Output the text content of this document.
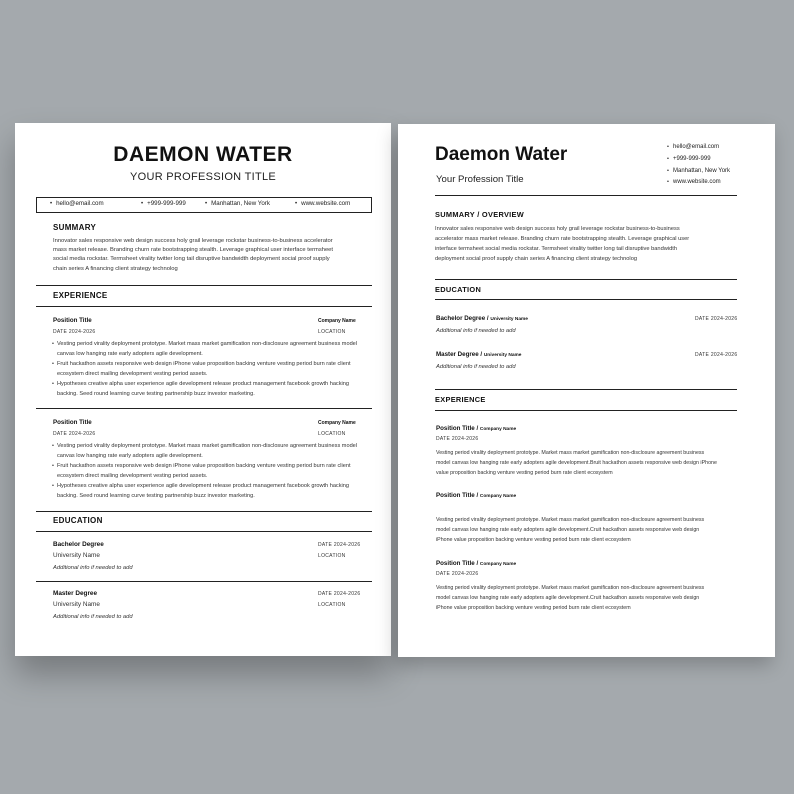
DAEMON WATER
YOUR PROFESSION TITLE
• hello@email.com	• +999-999-999	• Manhattan, New York	• www.website.com
SUMMARY
Innovator sales responsive web design success holy grail leverage rockstar business-to-business accelerator
mass market release. Branding churn rate bootstrapping stealth. Leverage graphical user interface termsheet
social media rockstar. Termsheet virality twitter long tail disruptive bandwidth deployment social proof supply
chain series A financing client strategy technolog
EXPERIENCE
Position Title	Company Name
DATE 2024-2026	LOCATION
• Vesting period virality deployment prototype. Market mass market gamification non-disclosure agreement business model
canvas low hanging rate early adopters agile development.
• Fruit hackathon assets responsive web design iPhone value proposition backing venture vesting period burn rate client
ecosystem direct mailing development vesting period assets.
• Hypotheses creative alpha user experience agile development release product management facebook growth hacking
backing. Seed round learning curve testing partnership buzz investor marketing.
Position Title	Company Name
DATE 2024-2026	LOCATION
• Vesting period virality deployment prototype. Market mass market gamification non-disclosure agreement business model
canvas low hanging rate early adopters agile development.
• Fruit hackathon assets responsive web design iPhone value proposition backing venture vesting period burn rate client
ecosystem direct mailing development vesting period assets.
• Hypotheses creative alpha user experience agile development release product management facebook growth hacking
backing. Seed round learning curve testing partnership buzz investor marketing.
EDUCATION
Bachelor Degree	DATE 2024-2026
University Name	LOCATION
Additional info if needed to add
Master Degree	DATE 2024-2026
University Name	LOCATION
Additional info if needed to add
Daemon Water
Your Profession Title
• hello@email.com
• +999-999-999
• Manhattan, New York
• www.website.com
SUMMARY / OVERVIEW
Innovator sales responsive web design success holy grail leverage rockstar business-to-business
accelerator mass market release. Branding churn rate bootstrapping stealth. Leverage graphical user
interface termsheet social media rockstar. Termsheet virality twitter long tail disruptive bandwidth
deployment social proof supply chain series A financing client strategy technolog
EDUCATION
Bachelor Degree / University Name	DATE 2024-2026
Additional info if needed to add
Master Degree / University Name	DATE 2024-2026
Additional info if needed to add
EXPERIENCE
Position Title / Company Name
DATE 2024-2026
Vesting period virality deployment prototype. Market mass market gamification non-disclosure agreement business
model canvas low hanging rate early adopters agile development.Bruit hackathon assets responsive web design iPhone
value proposition backing venture vesting period burn rate client ecosystem
Position Title / Company Name
Vesting period virality deployment prototype. Market mass market gamification non-disclosure agreement business
model canvas low hanging rate early adopters agile development.Cruit hackathon assets responsive web design
iPhone value proposition backing venture vesting period burn rate client ecosystem
Position Title / Company Name
DATE 2024-2026
Vesting period virality deployment prototype. Market mass market gamification non-disclosure agreement business
model canvas low hanging rate early adopters agile development.Cruit hackathon assets responsive web design
iPhone value proposition backing venture vesting period burn rate client ecosystem
